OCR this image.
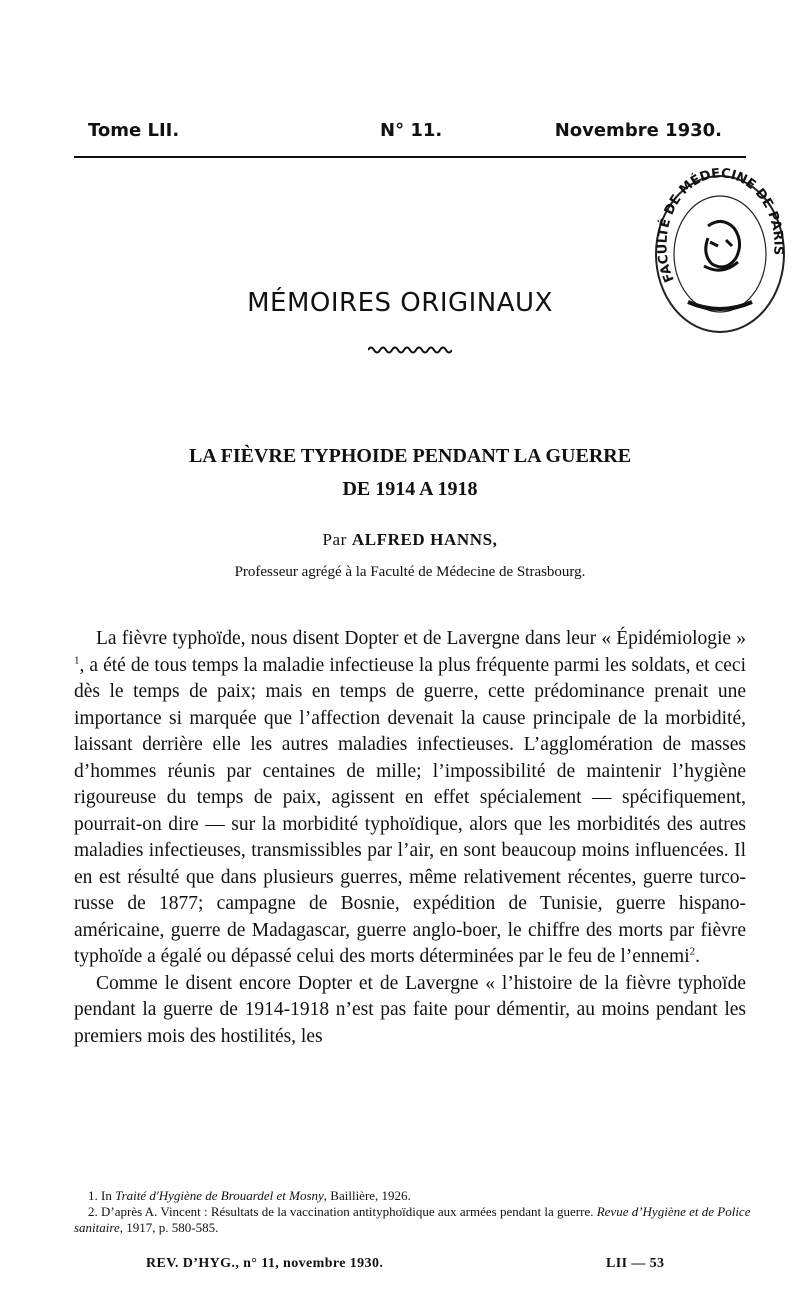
Tome LII.	N° 11.	Novembre 1930.
FACULTÉ DE MÉDECINE DE PARIS
MÉMOIRES ORIGINAUX
LA FIÈVRE TYPHOIDE PENDANT LA GUERRE
DE 1914 A 1918
Par ALFRED HANNS,
Professeur agrégé à la Faculté de Médecine de Strasbourg.

La fièvre typhoïde, nous disent Dopter et de Lavergne dans leur « Épidémiologie » $^1$, a été de tous temps la maladie infectieuse la plus fréquente parmi les soldats, et ceci dès le temps de paix; mais en temps de guerre, cette prédominance prenait une importance si marquée que l’affection devenait la cause principale de la morbidité, laissant derrière elle les autres maladies infectieuses. L’agglomération de masses d’hommes réunis par centaines de mille; l’impossibilité de maintenir l’hygiène rigoureuse du temps de paix, agissent en effet spécialement — spécifiquement, pourrait-on dire — sur la morbidité typhoïdique, alors que les morbidités des autres maladies infectieuses, transmissibles par l’air, en sont beaucoup moins influencées. Il en est résulté que dans plusieurs guerres, même relativement récentes, guerre turco-russe de 1877; campagne de Bosnie, expédition de Tunisie, guerre hispano-américaine, guerre de Madagascar, guerre anglo-boer, le chiffre des morts par fièvre typhoïde a égalé ou dépassé celui des morts déterminées par le feu de l’ennemi$^2$.

Comme le disent encore Dopter et de Lavergne « l’histoire de la fièvre typhoïde pendant la guerre de 1914-1918 n’est pas faite pour démentir, au moins pendant les premiers mois des hostilités, les

1. In Traité d'Hygiène de Brouardel et Mosny, Baillière, 1926.

2. D’après A. Vincent : Résultats de la vaccination antityphoïdique aux armées pendant la guerre. Revue d’Hygiène et de Police sanitaire, 1917, p. 580-585.

REV. D’HYG., n° 11, novembre 1930.	LII — 53
